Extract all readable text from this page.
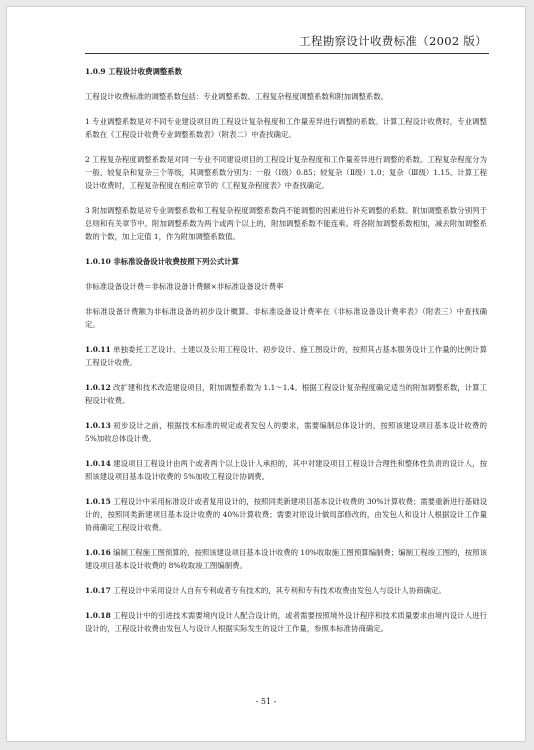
工程勘察设计收费标准（2002 版）

1.0.9 工程设计收费调整系数

工程设计收费标准的调整系数包括：专业调整系数、工程复杂程度调整系数和附加调整系数。

1 专业调整系数是对不同专业建设项目的工程设计复杂程度和工作量差异进行调整的系数。计算工程设计收费时，专业调整系数在《工程设计收费专业调整系数表》（附表二）中查找确定。

2 工程复杂程度调整系数是对同一专业不同建设项目的工程设计复杂程度和工作量差异进行调整的系数。工程复杂程度分为一般、较复杂和复杂三个等级，其调整系数分别为：一般（Ⅰ级）0.85；较复杂（Ⅱ级）1.0；复杂（Ⅲ级）1.15。计算工程设计收费时，工程复杂程度在相应章节的《工程复杂程度表》中查找确定。

3 附加调整系数是对专业调整系数和工程复杂程度调整系数尚不能调整的因素进行补充调整的系数。附加调整系数分别列于总则和有关章节中。附加调整系数为两个或两个以上的，附加调整系数不能连乘。将各附加调整系数相加，减去附加调整系数的个数，加上定值 1，作为附加调整系数值。

1.0.10 非标准设备设计收费按照下列公式计算

非标准设备设计费＝非标准设备计费额×非标准设备设计费率

非标准设备计费额为非标准设备的初步设计概算。非标准设备设计费率在《非标准设备设计费率表》（附表三）中查找确定。

1.0.11 单独委托工艺设计、土建以及公用工程设计、初步设计、施工图设计的，按照其占基本服务设计工作量的比例计算工程设计收费。

1.0.12 改扩建和技术改造建设项目，附加调整系数为 1.1～1.4。根据工程设计复杂程度确定适当的附加调整系数，计算工程设计收费。

1.0.13 初步设计之前，根据技术标准的规定或者发包人的要求，需要编制总体设计的，按照该建设项目基本设计收费的 5%加收总体设计费。

1.0.14 建设项目工程设计由两个或者两个以上设计人承担的，其中对建设项目工程设计合理性和整体性负责的设计人，按照该建设项目基本设计收费的 5%加收工程设计协调费。

1.0.15 工程设计中采用标准设计或者复用设计的，按照同类新建项目基本设计收费的 30%计算收费；需要重新进行基础设计的，按照同类新建项目基本设计收费的 40%计算收费；需要对原设计做局部修改的，由发包人和设计人根据设计工作量协商确定工程设计收费。

1.0.16 编制工程施工图预算的，按照该建设项目基本设计收费的 10%收取施工图预算编制费；编制工程竣工图的，按照该建设项目基本设计收费的 8%收取竣工图编制费。

1.0.17 工程设计中采用设计人自有专利或者专有技术的，其专利和专有技术收费由发包人与设计人协商确定。

1.0.18 工程设计中的引进技术需要境内设计人配合设计的，或者需要按照境外设计程序和技术质量要求由境内设计人进行设计的，工程设计收费由发包人与设计人根据实际发生的设计工作量，参照本标准协商确定。

- 51 -
